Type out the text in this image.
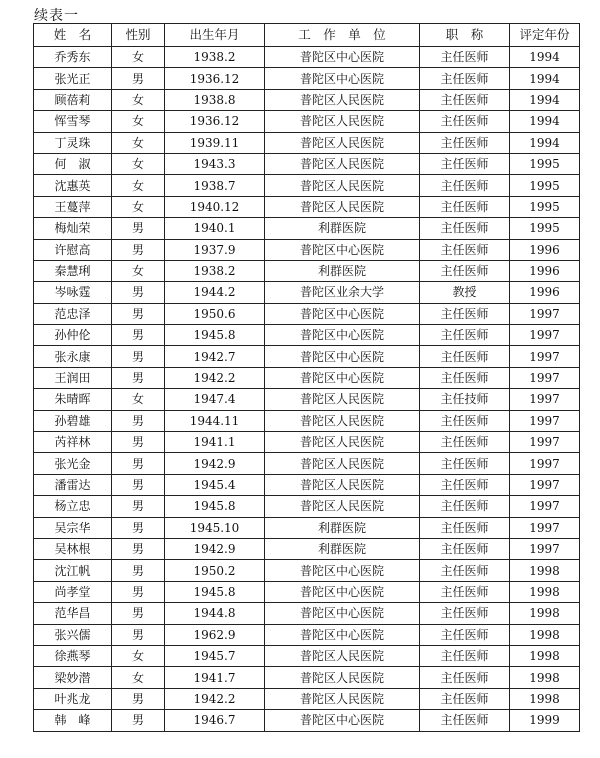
续表一
姓　名	性别	出生年月	工　作　单　位	职　称	评定年份
乔秀东	女	1938.2	普陀区中心医院	主任医师	1994
张光正	男	1936.12	普陀区中心医院	主任医师	1994
顾蓓莉	女	1938.8	普陀区人民医院	主任医师	1994
恽雪琴	女	1936.12	普陀区人民医院	主任医师	1994
丁灵珠	女	1939.11	普陀区人民医院	主任医师	1994
何　淑	女	1943.3	普陀区人民医院	主任医师	1995
沈惠英	女	1938.7	普陀区人民医院	主任医师	1995
王蔓萍	女	1940.12	普陀区人民医院	主任医师	1995
梅灿荣	男	1940.1	利群医院	主任医师	1995
许慰高	男	1937.9	普陀区中心医院	主任医师	1996
秦慧琍	女	1938.2	利群医院	主任医师	1996
岑咏霆	男	1944.2	普陀区业余大学	教授	1996
范忠泽	男	1950.6	普陀区中心医院	主任医师	1997
孙仲伦	男	1945.8	普陀区中心医院	主任医师	1997
张永康	男	1942.7	普陀区中心医院	主任医师	1997
王润田	男	1942.2	普陀区中心医院	主任医师	1997
朱晴晖	女	1947.4	普陀区人民医院	主任技师	1997
孙碧雄	男	1944.11	普陀区人民医院	主任医师	1997
芮祥林	男	1941.1	普陀区人民医院	主任医师	1997
张光金	男	1942.9	普陀区人民医院	主任医师	1997
潘雷达	男	1945.4	普陀区人民医院	主任医师	1997
杨立忠	男	1945.8	普陀区人民医院	主任医师	1997
吴宗华	男	1945.10	利群医院	主任医师	1997
吴林根	男	1942.9	利群医院	主任医师	1997
沈江帆	男	1950.2	普陀区中心医院	主任医师	1998
尚孝堂	男	1945.8	普陀区中心医院	主任医师	1998
范华昌	男	1944.8	普陀区中心医院	主任医师	1998
张兴儒	男	1962.9	普陀区中心医院	主任医师	1998
徐燕琴	女	1945.7	普陀区人民医院	主任医师	1998
梁妙潜	女	1941.7	普陀区人民医院	主任医师	1998
叶兆龙	男	1942.2	普陀区人民医院	主任医师	1998
韩　峰	男	1946.7	普陀区中心医院	主任医师	1999
